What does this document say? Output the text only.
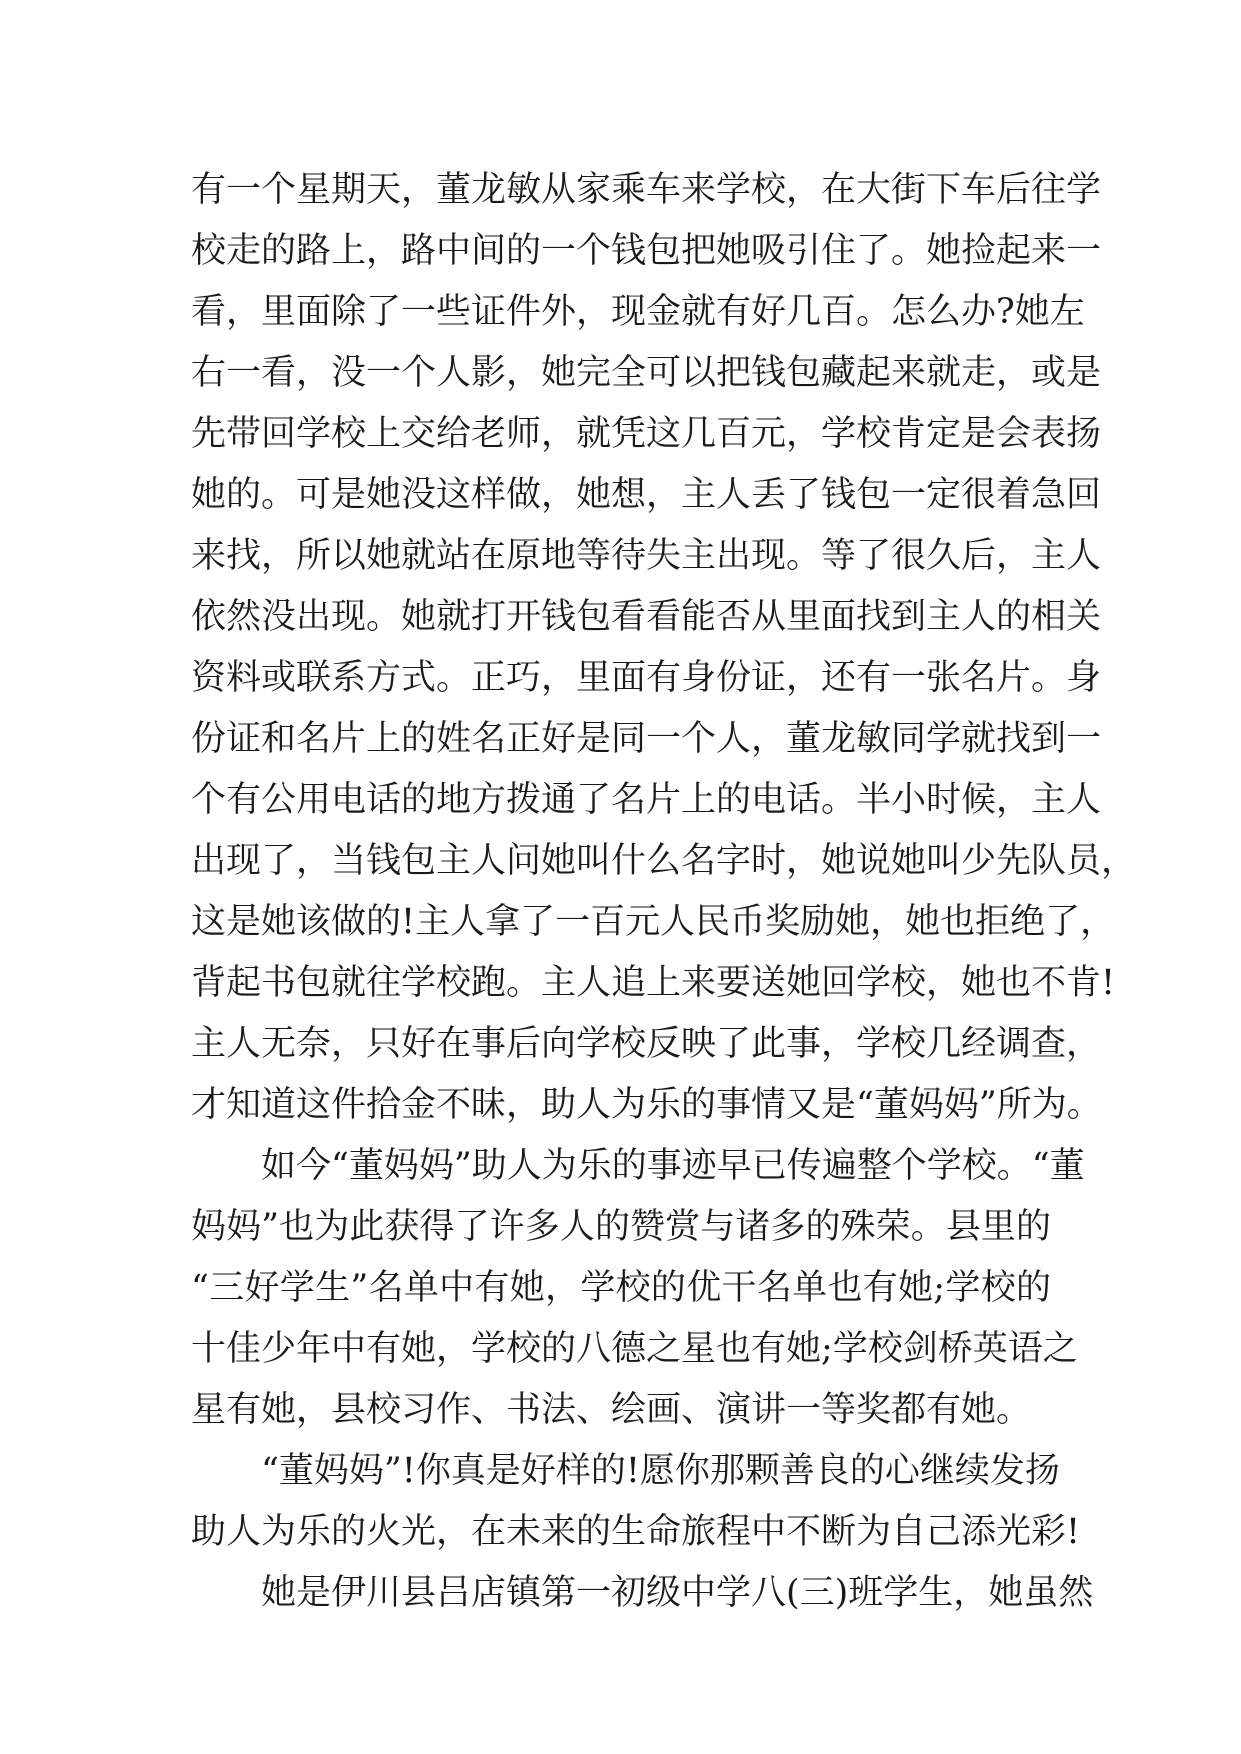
有一个星期天，董龙敏从家乘车来学校，在大街下车后往学
校走的路上，路中间的一个钱包把她吸引住了。她捡起来一
看，里面除了一些证件外，现金就有好几百。怎么办?她左
右一看，没一个人影，她完全可以把钱包藏起来就走，或是
先带回学校上交给老师，就凭这几百元，学校肯定是会表扬
她的。可是她没这样做，她想，主人丢了钱包一定很着急回
来找，所以她就站在原地等待失主出现。等了很久后，主人
依然没出现。她就打开钱包看看能否从里面找到主人的相关
资料或联系方式。正巧，里面有身份证，还有一张名片。身
份证和名片上的姓名正好是同一个人，董龙敏同学就找到一
个有公用电话的地方拨通了名片上的电话。半小时候，主人
出现了，当钱包主人问她叫什么名字时，她说她叫少先队员，
这是她该做的!主人拿了一百元人民币奖励她，她也拒绝了，
背起书包就往学校跑。主人追上来要送她回学校，她也不肯!
主人无奈，只好在事后向学校反映了此事，学校几经调查，
才知道这件拾金不昧，助人为乐的事情又是“董妈妈”所为。
　　如今“董妈妈”助人为乐的事迹早已传遍整个学校。“董
妈妈”也为此获得了许多人的赞赏与诸多的殊荣。县里的
“三好学生”名单中有她，学校的优干名单也有她;学校的
十佳少年中有她，学校的八德之星也有她;学校剑桥英语之
星有她，县校习作、书法、绘画、演讲一等奖都有她。
　　“董妈妈”!你真是好样的!愿你那颗善良的心继续发扬
助人为乐的火光，在未来的生命旅程中不断为自己添光彩!
　　她是伊川县吕店镇第一初级中学八(三)班学生，她虽然
